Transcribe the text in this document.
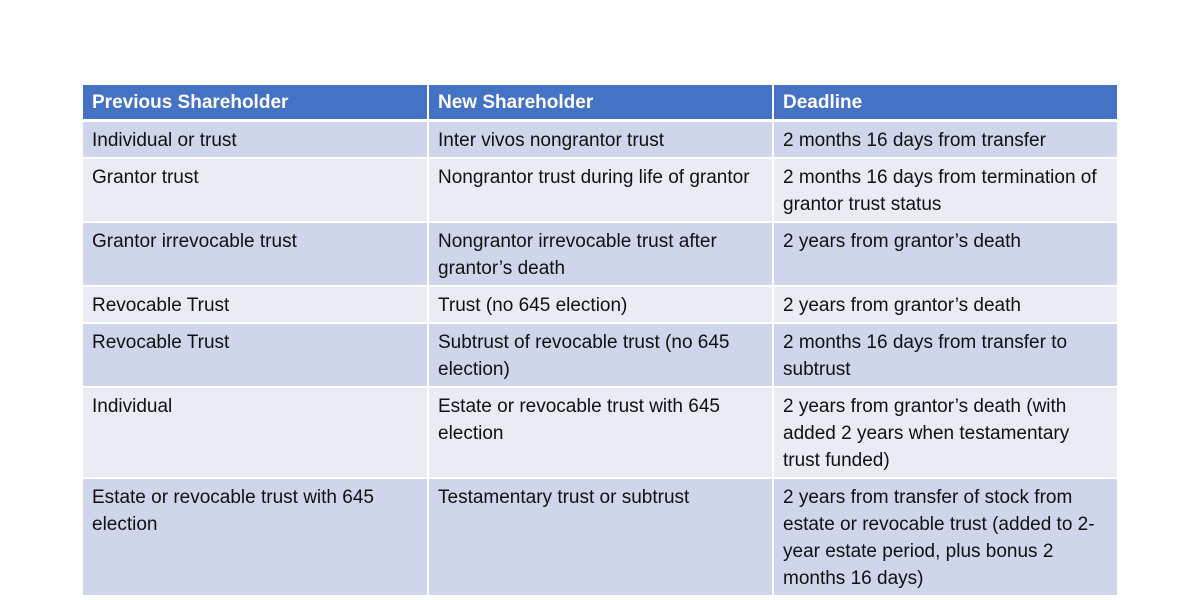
Previous Shareholder	New Shareholder	Deadline
Individual or trust	Inter vivos nongrantor trust	2 months 16 days from transfer
Grantor trust	Nongrantor trust during life of grantor	2 months 16 days from termination of grantor trust status
Grantor irrevocable trust	Nongrantor irrevocable trust after grantor’s death	2 years from grantor’s death
Revocable Trust	Trust (no 645 election)	2 years from grantor’s death
Revocable Trust	Subtrust of revocable trust (no 645 election)	2 months 16 days from transfer to subtrust
Individual	Estate or revocable trust with 645 election	2 years from grantor’s death (with added 2 years when testamentary trust funded)
Estate or revocable trust with 645 election	Testamentary trust or subtrust	2 years from transfer of stock from estate or revocable trust (added to 2-year estate period, plus bonus 2 months 16 days)
